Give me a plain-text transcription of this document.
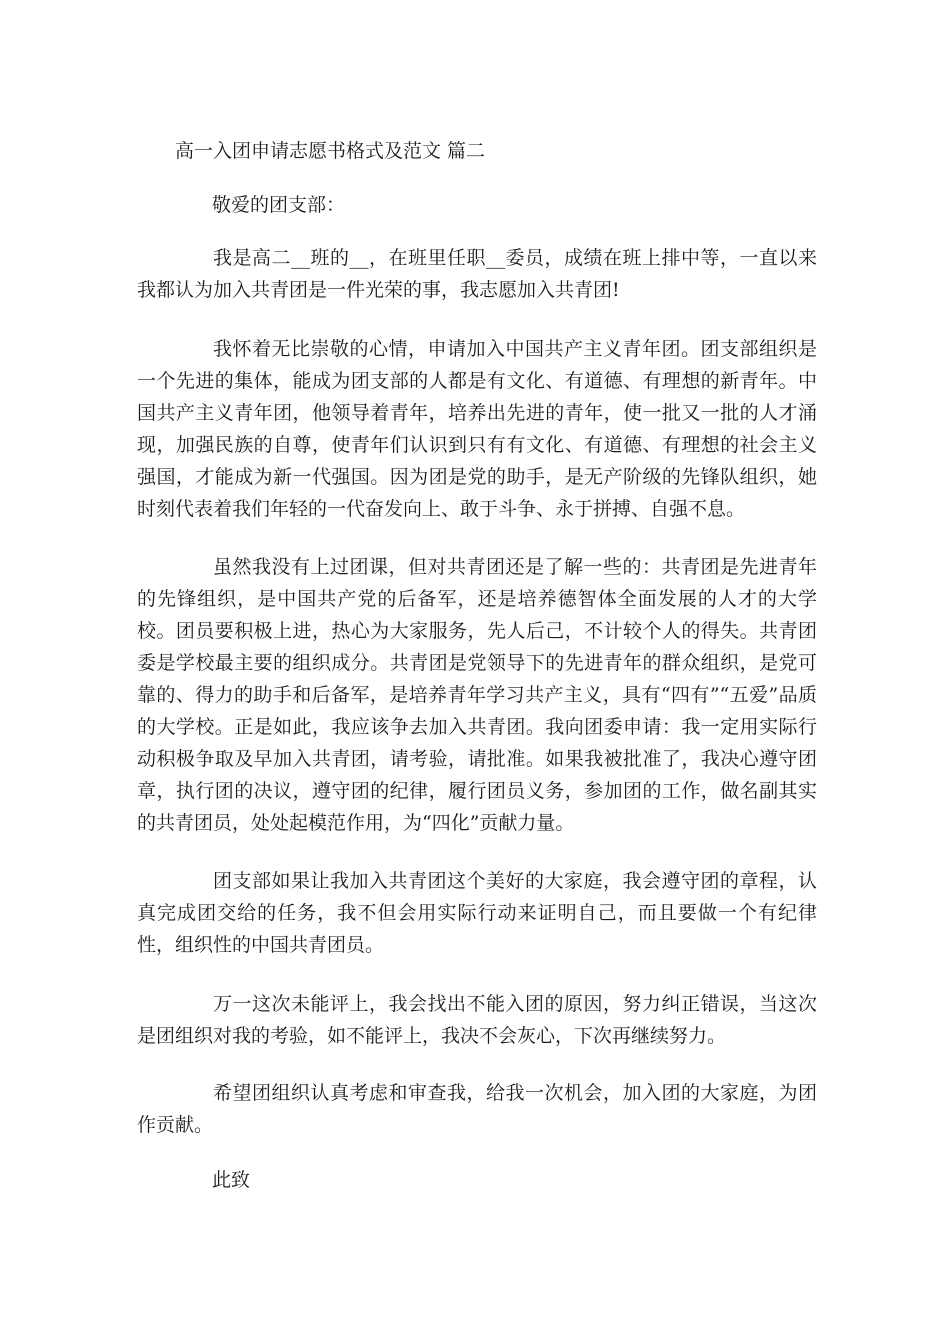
高一入团申请志愿书格式及范文 篇二

敬爱的团支部：

我是高二__班的__，在班里任职__委员，成绩在班上排中等，一直以来我都认为加入共青团是一件光荣的事，我志愿加入共青团!

我怀着无比崇敬的心情，申请加入中国共产主义青年团。团支部组织是一个先进的集体，能成为团支部的人都是有文化、有道德、有理想的新青年。中国共产主义青年团，他领导着青年，培养出先进的青年，使一批又一批的人才涌现，加强民族的自尊，使青年们认识到只有有文化、有道德、有理想的社会主义强国，才能成为新一代强国。因为团是党的助手，是无产阶级的先锋队组织，她时刻代表着我们年轻的一代奋发向上、敢于斗争、永于拼搏、自强不息。

虽然我没有上过团课，但对共青团还是了解一些的：共青团是先进青年的先锋组织，是中国共产党的后备军，还是培养德智体全面发展的人才的大学校。团员要积极上进，热心为大家服务，先人后己，不计较个人的得失。共青团委是学校最主要的组织成分。共青团是党领导下的先进青年的群众组织，是党可靠的、得力的助手和后备军，是培养青年学习共产主义，具有“四有”“五爱”品质的大学校。正是如此，我应该争去加入共青团。我向团委申请：我一定用实际行动积极争取及早加入共青团，请考验，请批准。如果我被批准了，我决心遵守团章，执行团的决议，遵守团的纪律，履行团员义务，参加团的工作，做名副其实的共青团员，处处起模范作用，为“四化”贡献力量。

团支部如果让我加入共青团这个美好的大家庭，我会遵守团的章程，认真完成团交给的任务，我不但会用实际行动来证明自己，而且要做一个有纪律性，组织性的中国共青团员。

万一这次未能评上，我会找出不能入团的原因，努力纠正错误，当这次是团组织对我的考验，如不能评上，我决不会灰心，下次再继续努力。

希望团组织认真考虑和审查我，给我一次机会，加入团的大家庭，为团作贡献。

此致
